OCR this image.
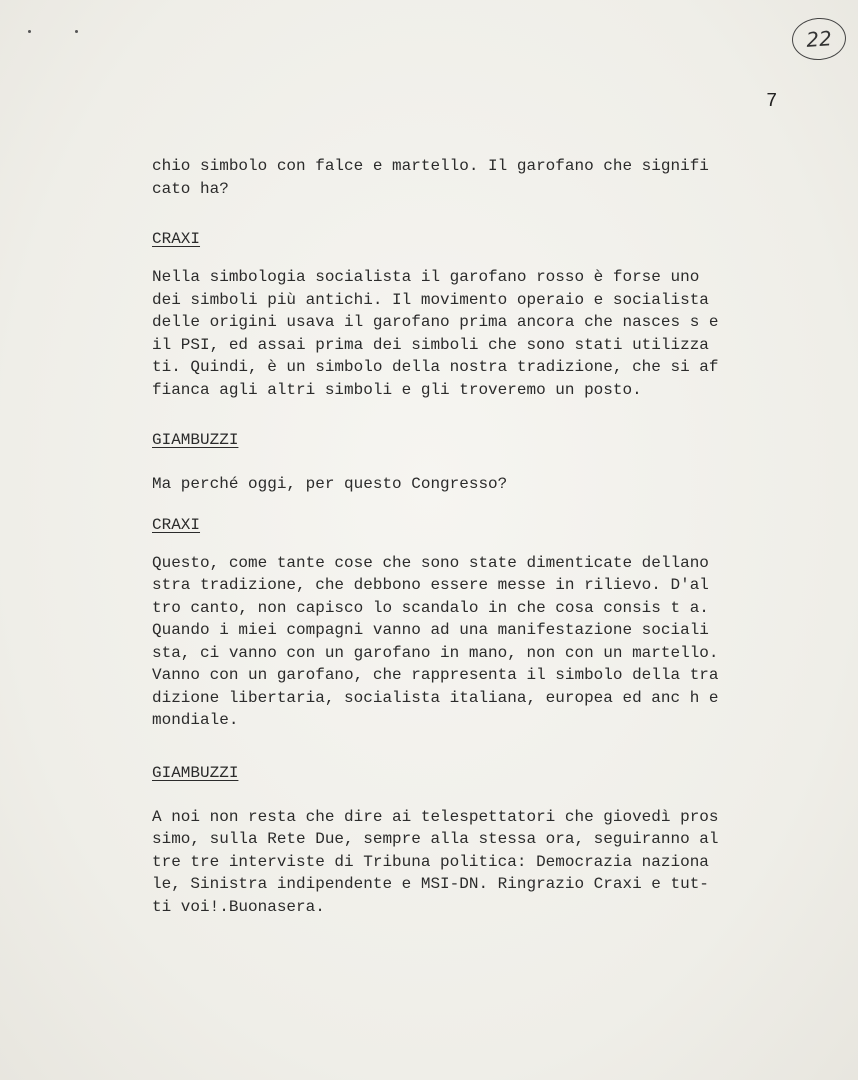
22
7
chio simbolo con falce e martello. Il garofano che signifi
cato ha?
CRAXI
Nella simbologia socialista il garofano rosso è forse uno
dei simboli più antichi. Il movimento operaio e socialista
delle origini usava il garofano prima ancora che nasces s e
il PSI, ed assai prima dei simboli che sono stati utilizza
ti. Quindi, è un simbolo della nostra tradizione, che si af
fianca agli altri simboli e gli troveremo un posto.
GIAMBUZZI
Ma perché oggi, per questo Congresso?
CRAXI
Questo, come tante cose che sono state dimenticate dellano
stra tradizione, che debbono essere messe in rilievo. D'al
tro canto, non capisco lo scandalo in che cosa consis t a.
Quando i miei compagni vanno ad una manifestazione sociali
sta, ci vanno con un garofano in mano, non con un martello.
Vanno con un garofano, che rappresenta il simbolo della tra
dizione libertaria, socialista italiana, europea ed anc h e
mondiale.
GIAMBUZZI
A noi non resta che dire ai telespettatori che giovedì pros
simo, sulla Rete Due, sempre alla stessa ora, seguiranno al
tre tre interviste di Tribuna politica: Democrazia naziona
le, Sinistra indipendente e MSI-DN. Ringrazio Craxi e tut-
ti voi!.Buonasera.
